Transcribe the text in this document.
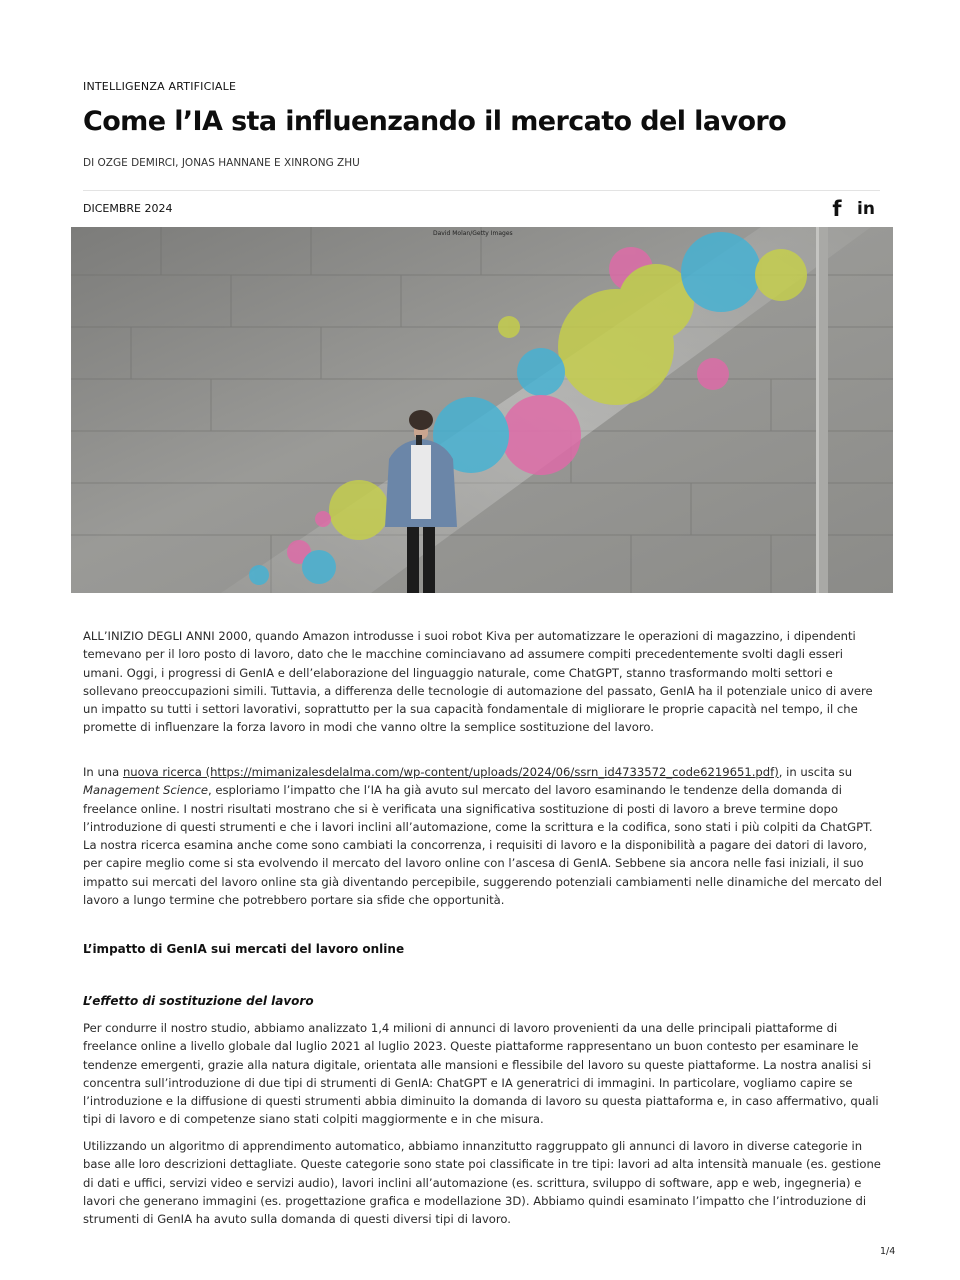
INTELLIGENZA ARTIFICIALE
Come l’IA sta influenzando il mercato del lavoro
DI OZGE DEMIRCI, JONAS HANNANE E XINRONG ZHU
DICEMBRE 2024	f in
David Molan/Getty Images

ALL’INIZIO DEGLI ANNI 2000, quando Amazon introdusse i suoi robot Kiva per automatizzare le operazioni di magazzino, i dipendenti temevano per il loro posto di lavoro, dato che le macchine cominciavano ad assumere compiti precedentemente svolti dagli esseri umani. Oggi, i progressi di GenIA e dell’elaborazione del linguaggio naturale, come ChatGPT, stanno trasformando molti settori e sollevano preoccupazioni simili. Tuttavia, a differenza delle tecnologie di automazione del passato, GenIA ha il potenziale unico di avere un impatto su tutti i settori lavorativi, soprattutto per la sua capacità fondamentale di migliorare le proprie capacità nel tempo, il che promette di influenzare la forza lavoro in modi che vanno oltre la semplice sostituzione del lavoro.

In una nuova ricerca (https://mimanizalesdelalma.com/wp-content/uploads/2024/06/ssrn_id4733572_code6219651.pdf), in uscita su Management Science, esploriamo l’impatto che l’IA ha già avuto sul mercato del lavoro esaminando le tendenze della domanda di freelance online. I nostri risultati mostrano che si è verificata una significativa sostituzione di posti di lavoro a breve termine dopo l’introduzione di questi strumenti e che i lavori inclini all’automazione, come la scrittura e la codifica, sono stati i più colpiti da ChatGPT. La nostra ricerca esamina anche come sono cambiati la concorrenza, i requisiti di lavoro e la disponibilità a pagare dei datori di lavoro, per capire meglio come si sta evolvendo il mercato del lavoro online con l’ascesa di GenIA. Sebbene sia ancora nelle fasi iniziali, il suo impatto sui mercati del lavoro online sta già diventando percepibile, suggerendo potenziali cambiamenti nelle dinamiche del mercato del lavoro a lungo termine che potrebbero portare sia sfide che opportunità.

L’impatto di GenIA sui mercati del lavoro online
L’effetto di sostituzione del lavoro

Per condurre il nostro studio, abbiamo analizzato 1,4 milioni di annunci di lavoro provenienti da una delle principali piattaforme di freelance online a livello globale dal luglio 2021 al luglio 2023. Queste piattaforme rappresentano un buon contesto per esaminare le tendenze emergenti, grazie alla natura digitale, orientata alle mansioni e flessibile del lavoro su queste piattaforme. La nostra analisi si concentra sull’introduzione di due tipi di strumenti di GenIA: ChatGPT e IA generatrici di immagini. In particolare, vogliamo capire se l’introduzione e la diffusione di questi strumenti abbia diminuito la domanda di lavoro su questa piattaforma e, in caso affermativo, quali tipi di lavoro e di competenze siano stati colpiti maggiormente e in che misura.

Utilizzando un algoritmo di apprendimento automatico, abbiamo innanzitutto raggruppato gli annunci di lavoro in diverse categorie in base alle loro descrizioni dettagliate. Queste categorie sono state poi classificate in tre tipi: lavori ad alta intensità manuale (es. gestione di dati e uffici, servizi video e servizi audio), lavori inclini all’automazione (es. scrittura, sviluppo di software, app e web, ingegneria) e lavori che generano immagini (es. progettazione grafica e modellazione 3D). Abbiamo quindi esaminato l’impatto che l’introduzione di strumenti di GenIA ha avuto sulla domanda di questi diversi tipi di lavoro.

1/4
